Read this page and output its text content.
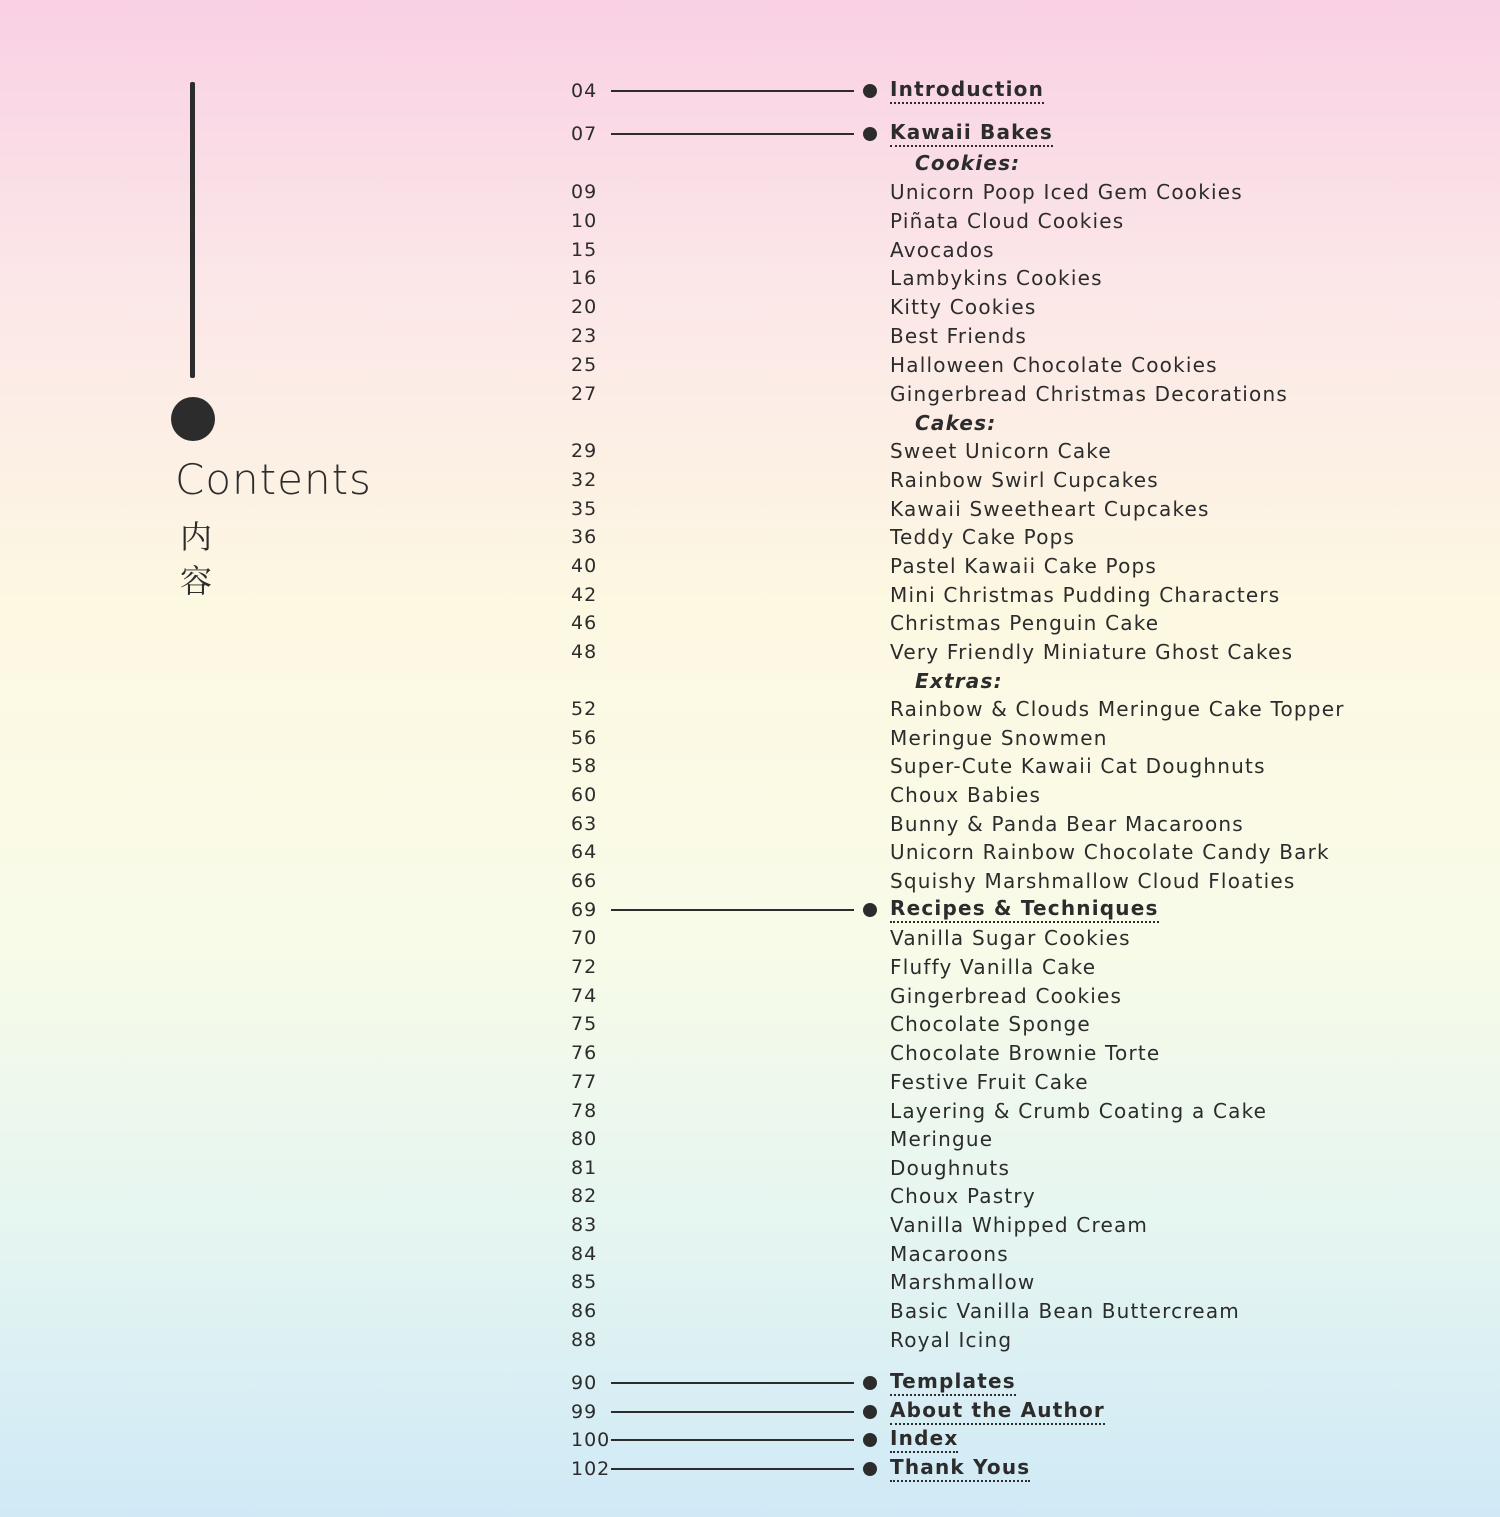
Contents
内
容
04	Introduction
07	Kawaii Bakes
Cookies:
09	Unicorn Poop Iced Gem Cookies
10	Piñata Cloud Cookies
15	Avocados
16	Lambykins Cookies
20	Kitty Cookies
23	Best Friends
25	Halloween Chocolate Cookies
27	Gingerbread Christmas Decorations
Cakes:
29	Sweet Unicorn Cake
32	Rainbow Swirl Cupcakes
35	Kawaii Sweetheart Cupcakes
36	Teddy Cake Pops
40	Pastel Kawaii Cake Pops
42	Mini Christmas Pudding Characters
46	Christmas Penguin Cake
48	Very Friendly Miniature Ghost Cakes
Extras:
52	Rainbow & Clouds Meringue Cake Topper
56	Meringue Snowmen
58	Super-Cute Kawaii Cat Doughnuts
60	Choux Babies
63	Bunny & Panda Bear Macaroons
64	Unicorn Rainbow Chocolate Candy Bark
66	Squishy Marshmallow Cloud Floaties
69	Recipes & Techniques
70	Vanilla Sugar Cookies
72	Fluffy Vanilla Cake
74	Gingerbread Cookies
75	Chocolate Sponge
76	Chocolate Brownie Torte
77	Festive Fruit Cake
78	Layering & Crumb Coating a Cake
80	Meringue
81	Doughnuts
82	Choux Pastry
83	Vanilla Whipped Cream
84	Macaroons
85	Marshmallow
86	Basic Vanilla Bean Buttercream
88	Royal Icing
90	Templates
99	About the Author
100	Index
102	Thank Yous
